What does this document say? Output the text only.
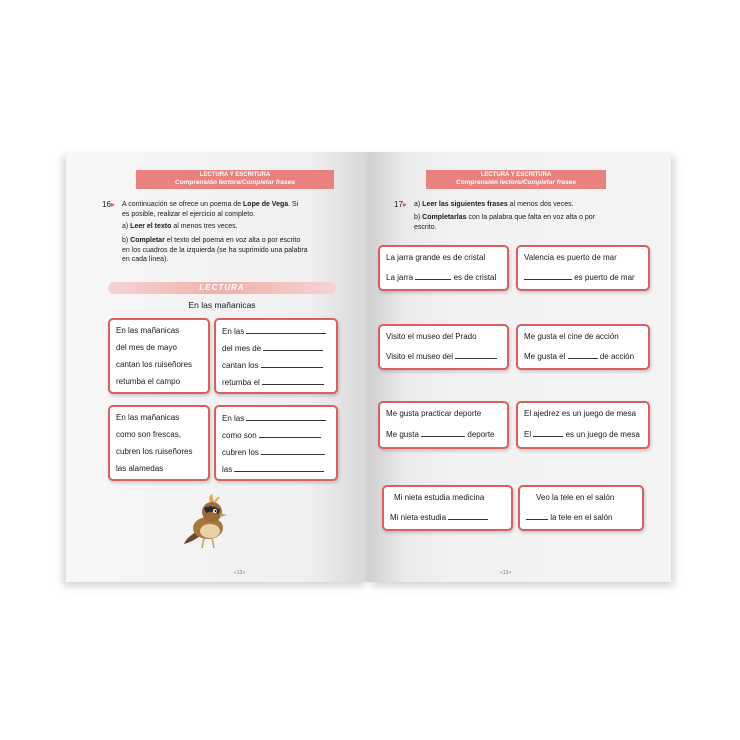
LECTURA Y ESCRITURA
Comprensión lectora/Completar frases
16▸ A continuación se ofrece un poema de Lope de Vega. Si
es posible, realizar el ejercicio al completo.
a) Leer el texto al menos tres veces.
b) Completar el texto del poema en voz alta o por escrito
en los cuadros de la izquierda (se ha suprimido una palabra
en cada línea).
LECTURA
En las mañanicas
En las mañanicas
del mes de mayo
cantan los ruiseñores
retumba el campo
En las
del mes de
cantan los
retumba el
En las mañanicas
como son frescas,
cubren los ruiseñores
las alamedas
En las
como son
cubren los
las
«13»
LECTURA Y ESCRITURA
Comprensión lectora/Completar frases
17▸ a) Leer las siguientes frases al menos dos veces.
b) Completarlas con la palabra que falta en voz alta o por
escrito.
La jarra grande es de cristal
La jarra	es de cristal
Valencia es puerto de mar
es puerto de mar
Visito el museo del Prado
Visito el museo del
Me gusta el cine de acción
Me gusta el	de acción
Me gusta practicar deporte
Me gusta	deporte
El ajedrez es un juego de mesa
El	es un juego de mesa
Mi nieta estudia medicina
Mi nieta estudia
Veo la tele en el salón
la tele en el salón
«13»
